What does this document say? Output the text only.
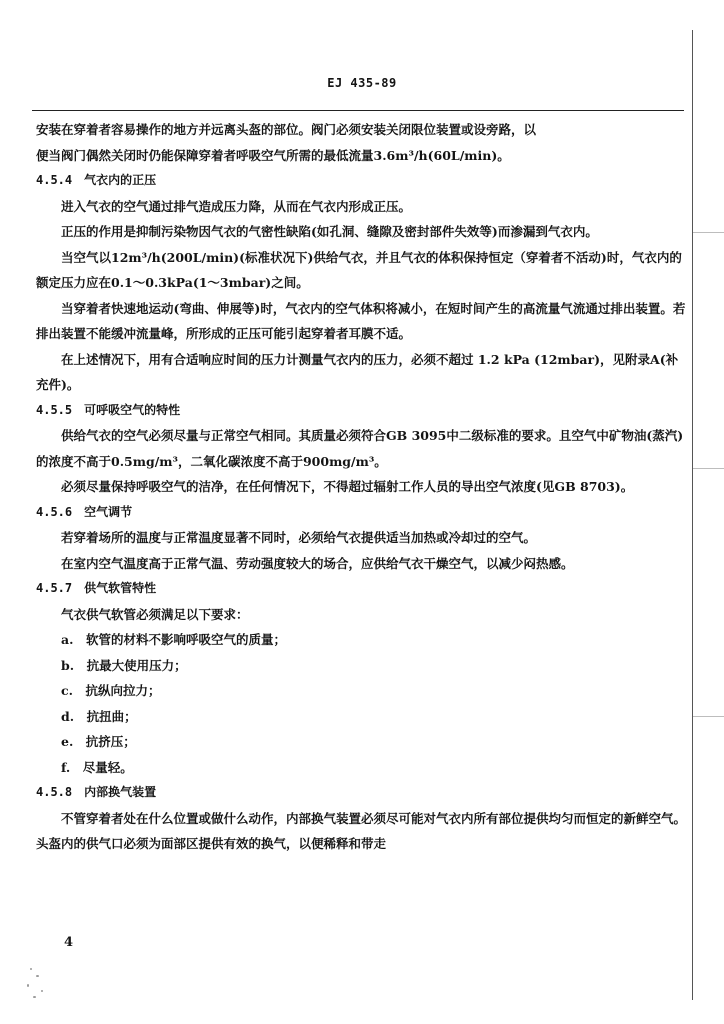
EJ 435-89

安装在穿着者容易操作的地方并远离头盔的部位。阀门必须安装关闭限位装置或设旁路，以

便当阀门偶然关闭时仍能保障穿着者呼吸空气所需的最低流量3.6m³/h(60L/min)。

4.5.4　气衣内的正压

进入气衣的空气通过排气造成压力降，从而在气衣内形成正压。

正压的作用是抑制污染物因气衣的气密性缺陷(如孔洞、缝隙及密封部件失效等)而渗漏到气衣内。

当空气以12m³/h(200L/min)(标准状况下)供给气衣，并且气衣的体积保持恒定（穿着者不活动)时，气衣内的额定压力应在0.1～0.3kPa(1～3mbar)之间。

当穿着者快速地运动(弯曲、伸展等)时，气衣内的空气体积将减小，在短时间产生的高流量气流通过排出装置。若排出装置不能缓冲流量峰，所形成的正压可能引起穿着者耳膜不适。

在上述情况下，用有合适响应时间的压力计测量气衣内的压力，必须不超过 1.2 kPa (12mbar)，见附录A(补充件)。

4.5.5　可呼吸空气的特性

供给气衣的空气必须尽量与正常空气相同。其质量必须符合GB 3095中二级标准的要求。且空气中矿物油(蒸汽)的浓度不高于0.5mg/m³，二氧化碳浓度不高于900mg/m³。

必须尽量保持呼吸空气的洁净，在任何情况下，不得超过辐射工作人员的导出空气浓度(见GB 8703)。

4.5.6　空气调节

若穿着场所的温度与正常温度显著不同时，必须给气衣提供适当加热或冷却过的空气。

在室内空气温度高于正常气温、劳动强度较大的场合，应供给气衣干燥空气，以减少闷热感。

4.5.7　供气软管特性

气衣供气软管必须满足以下要求：

a.　软管的材料不影响呼吸空气的质量；

b.　抗最大使用压力；

c.　抗纵向拉力；

d.　抗扭曲；

e.　抗挤压；

f.　尽量轻。

4.5.8　内部换气装置

不管穿着者处在什么位置或做什么动作，内部换气装置必须尽可能对气衣内所有部位提供均匀而恒定的新鲜空气。头盔内的供气口必须为面部区提供有效的换气，以便稀释和带走

4
